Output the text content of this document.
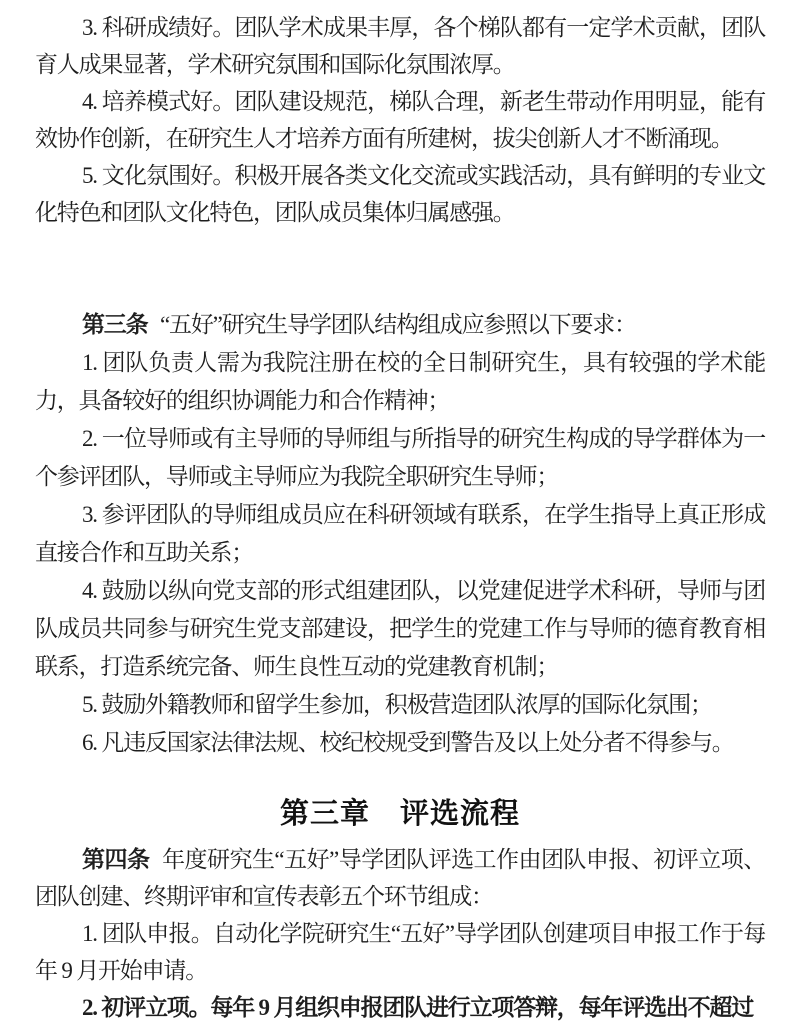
3. 科研成绩好。团队学术成果丰厚，各个梯队都有一定学术贡献，团队育人成果显著，学术研究氛围和国际化氛围浓厚。

4. 培养模式好。团队建设规范，梯队合理，新老生带动作用明显，能有效协作创新，在研究生人才培养方面有所建树，拔尖创新人才不断涌现。

5. 文化氛围好。积极开展各类文化交流或实践活动，具有鲜明的专业文化特色和团队文化特色，团队成员集体归属感强。

第三条 “五好”研究生导学团队结构组成应参照以下要求：

1. 团队负责人需为我院注册在校的全日制研究生，具有较强的学术能力，具备较好的组织协调能力和合作精神；

2. 一位导师或有主导师的导师组与所指导的研究生构成的导学群体为一个参评团队，导师或主导师应为我院全职研究生导师；

3. 参评团队的导师组成员应在科研领域有联系，在学生指导上真正形成直接合作和互助关系；

4. 鼓励以纵向党支部的形式组建团队，以党建促进学术科研，导师与团队成员共同参与研究生党支部建设，把学生的党建工作与导师的德育教育相联系，打造系统完备、师生良性互动的党建教育机制；

5. 鼓励外籍教师和留学生参加，积极营造团队浓厚的国际化氛围；

6. 凡违反国家法律法规、校纪校规受到警告及以上处分者不得参与。

第三章　评选流程

第四条 年度研究生“五好”导学团队评选工作由团队申报、初评立项、团队创建、终期评审和宣传表彰五个环节组成：

1. 团队申报。自动化学院研究生“五好”导学团队创建项目申报工作于每年 9 月开始申请。

2. 初评立项。每年 9 月组织申报团队进行立项答辩，每年评选出不超过
